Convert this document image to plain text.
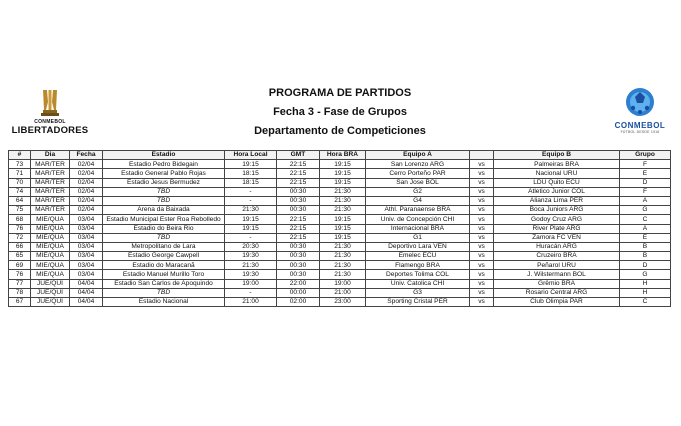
CONMEBOL
LIBERTADORES
PROGRAMA DE PARTIDOS
Fecha 3 - Fase de Grupos
Departamento de Competiciones	CONMEBOL
FÚTBOL DESDE 1916
#	Dia	Fecha	Estadio	Hora Local	GMT	Hora BRA	Equipo A		Equipo B	Grupo
73	MAR/TER	02/04	Estadio Pedro Bidegain	19:15	22:15	19:15	San Lorenzo ARG	vs	Palmeiras BRA	F
71	MAR/TER	02/04	Estadio General Pablo Rojas	18:15	22:15	19:15	Cerro Porteño PAR	vs	Nacional URU	E
70	MAR/TER	02/04	Estadio Jesus Bermudez	18:15	22:15	19:15	San Jose BOL	vs	LDU Quito ECU	D
74	MAR/TER	02/04	TBD	-	00:30	21:30	G2	vs	Atletico Junior COL	F
64	MAR/TER	02/04	TBD	-	00:30	21:30	G4	vs	Alianza Lima PER	A
75	MAR/TER	02/04	Arena da Baixada	21:30	00:30	21:30	Athl. Paranaense BRA	vs	Boca Juniors ARG	G
68	MIE/QUA	03/04	Estadio Municipal Ester Roa Rebolledo	19:15	22:15	19:15	Univ. de Concepción CHI	vs	Godoy Cruz ARG	C
76	MIE/QUA	03/04	Estadio do Beira Rio	19:15	22:15	19:15	Internacional BRA	vs	River Plate ARG	A
72	MIE/QUA	03/04	TBD	-	22:15	19:15	G1	vs	Zamora FC VEN	E
66	MIE/QUA	03/04	Metropolitano de Lara	20:30	00:30	21:30	Deportivo Lara VEN	vs	Huracán ARG	B
65	MIE/QUA	03/04	Estadio George Cawpell	19:30	00:30	21:30	Emelec ECU	vs	Cruzeiro BRA	B
69	MIE/QUA	03/04	Estadio do Maracanã	21:30	00:30	21:30	Flamengo BRA	vs	Peñarol URU	D
76	MIE/QUA	03/04	Estadio Manuel Murillo Toro	19:30	00:30	21:30	Deportes Tolima COL	vs	J. Wilstermann BOL	G
77	JUE/QUI	04/04	Estadio San Carlos de Apoquindo	19:00	22:00	19:00	Univ. Catolica CHI	vs	Grêmio BRA	H
78	JUE/QUI	04/04	TBD	-	00:00	21:00	G3	vs	Rosario Central ARG	H
67	JUE/QUI	04/04	Estadio Nacional	21:00	02:00	23:00	Sporting Cristal PER	vs	Club Olimpia PAR	C
